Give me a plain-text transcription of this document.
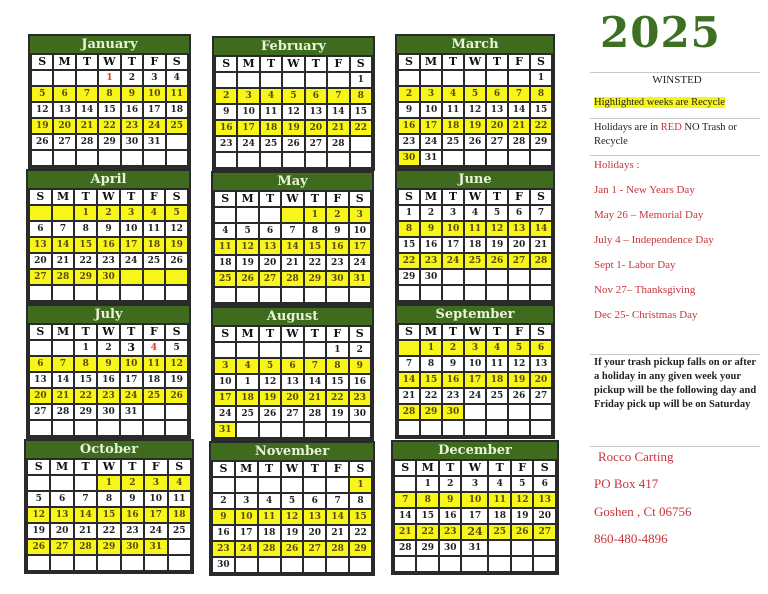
January
S	M	T	W	T	F	S
			1	2	3	4
5	6	7	8	9	10	11
12	13	14	15	16	17	18
19	20	21	22	23	24	25
26	27	28	29	30	31	

February
S	M	T	W	T	F	S
						1
2	3	4	5	6	7	8
9	10	11	12	13	14	15
16	17	18	19	20	21	22
23	24	25	26	27	28	

March
S	M	T	W	T	F	S
						1
2	3	4	5	6	7	8
9	10	11	12	13	14	15
16	17	18	19	20	21	22
23	24	25	26	27	28	29
30	31					
April
S	M	T	W	T	F	S
		1	2	3	4	5
6	7	8	9	10	11	12
13	14	15	16	17	18	19
20	21	22	23	24	25	26
27	28	29	30			

May
S	M	T	W	T	F	S
				1	2	3
4	5	6	7	8	9	10
11	12	13	14	15	16	17
18	19	20	21	22	23	24
25	26	27	28	29	30	31

June
S	M	T	W	T	F	S
1	2	3	4	5	6	7
8	9	10	11	12	13	14
15	16	17	18	19	20	21
22	23	24	25	26	27	28
29	30					

July
S	M	T	W	T	F	S
		1	2	3	4	5
6	7	8	9	10	11	12
13	14	15	16	17	18	19
20	21	22	23	24	25	26
27	28	29	30	31		

August
S	M	T	W	T	F	S
					1	2
3	4	5	6	7	8	9
10	1	12	13	14	15	16
17	18	19	20	21	22	23
24	25	26	27	28	19	30
31						
September
S	M	T	W	T	F	S
	1	2	3	4	5	6
7	8	9	10	11	12	13
14	15	16	17	18	19	20
21	22	23	24	25	26	27
28	29	30				

October
S	M	T	W	T	F	S
			1	2	3	4
5	6	7	8	9	10	11
12	13	14	15	16	17	18
19	20	21	22	23	24	25
26	27	28	29	30	31	

November
S	M	T	W	T	F	S
						1
2	3	4	5	6	7	8
9	10	11	12	13	14	15
16	17	18	19	20	21	22
23	24	28	26	27	28	29
30						
December
S	M	T	W	T	F	S
	1	2	3	4	5	6
7	8	9	10	11	12	13
14	15	16	17	18	19	20
21	22	23	24	25	26	27
28	29	30	31			

2025
WINSTED
Highlighted weeks are Recycle
Holidays are in RED NO Trash or Recycle
Holidays :
Jan 1 - New Years Day
May 26 – Memorial Day
July 4 – Independence Day
Sept 1- Labor Day
Nov 27– Thanksgiving
Dec 25- Christmas Day
If your trash pickup falls on or after a holiday in any given week your pickup will be the following day and Friday pick up will be on Saturday
Rocco Carting
PO Box 417
Goshen , Ct 06756
860-480-4896
